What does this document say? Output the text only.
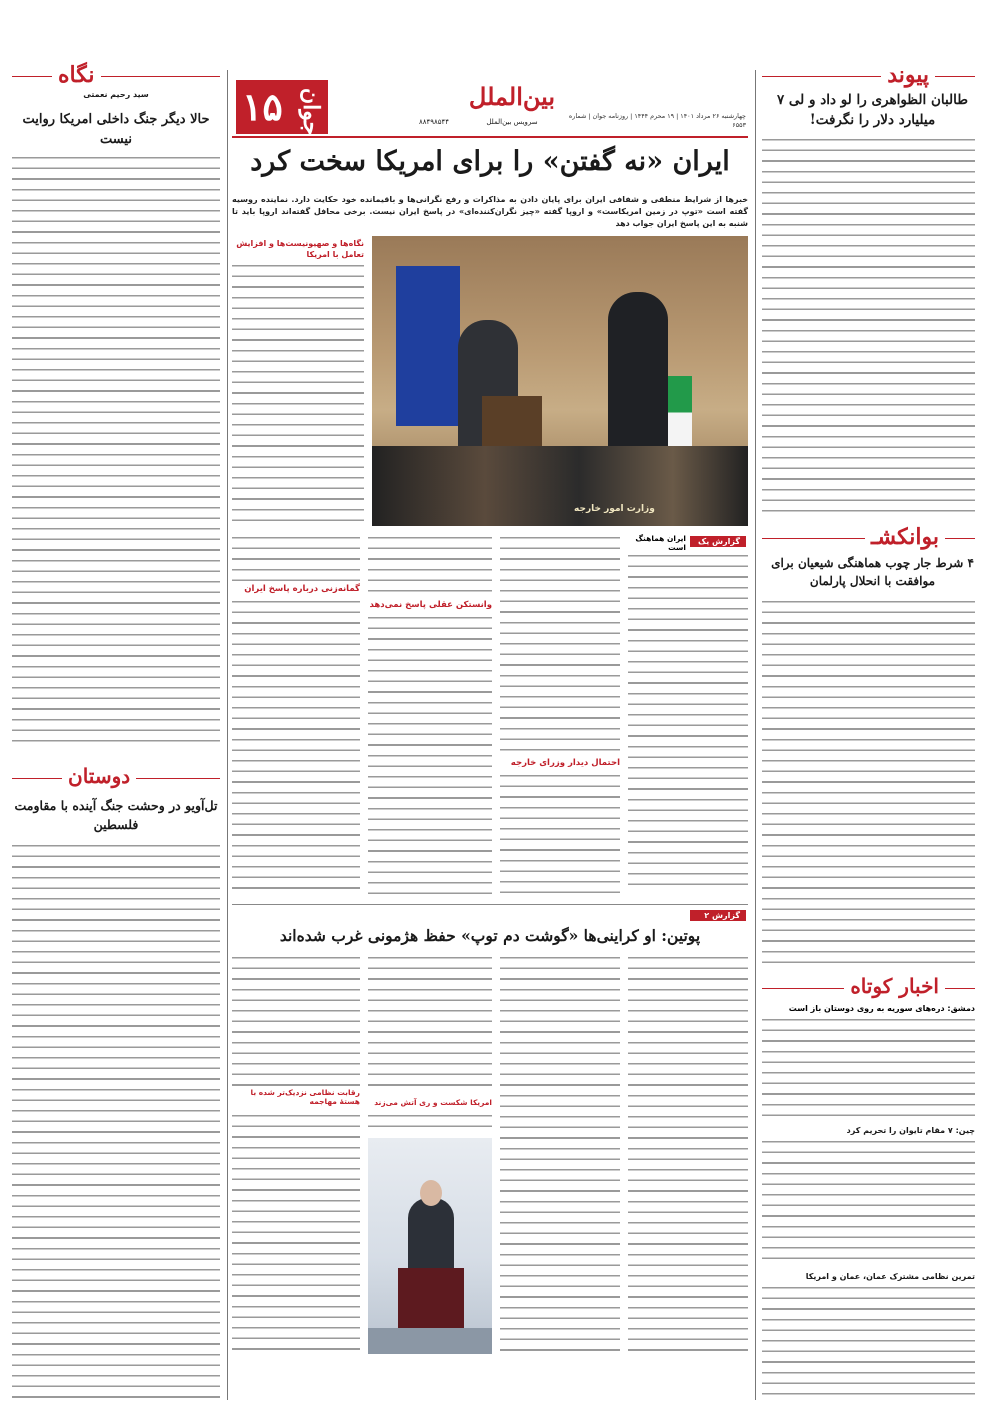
پیوند
طالبان الظواهری را لو داد و لی ۷ میلیارد دلار را نگرفت!
بوانکشـ
۴ شرط جار چوب هماهنگی شیعیان برای موافقت با انحلال پارلمان
اخبار کوتاه
دمشق: دره‌های سوریه به روی دوستان باز است
چین: ۷ مقام تایوان را تحریم کرد
تمرین نظامی مشترک عمان، عمان و امریکا
نگاه
سید رحیم نعمتی
حالا دیگر جنگ داخلی امریکا روایت نیست
دوستان
تل‌آویو در وحشت جنگ آینده با مقاومت فلسطین
۱۵ جوان	بین‌الملل
سرویس بین‌الملل
۸۸۴۹۸۵۴۴
چهارشنبه ۲۶ مرداد ۱۴۰۱ | ۱۹ محرم ۱۴۴۴ | روزنامه جوان | شماره ۶۵۵۳
ایران «نه گفتن» را برای امریکا سخت کرد
خبرها از شرایط منطقی و شفافی ایران برای پایان دادن به مذاکرات و رفع نگرانی‌ها و باقیمانده خود حکایت دارد. نماینده روسیه گفته است «توپ در زمین امریکاست» و اروپا گفته «چیز نگران‌کننده‌ای» در پاسخ ایران نیست. برخی محافل گفته‌اند اروپا باید تا شنبه به این پاسخ ایران جواب دهد
وزارت امور خارجه
نگاه‌ها و صهیونیست‌ها و افزایش تعامل با امریکا
گزارش یک
ایران هماهنگ است
احتمال دیدار وزرای خارجه
وانستکن عقلی پاسخ نمی‌دهد
گمانه‌زنی درباره پاسخ ایران
گزارش ۲
پوتین: او کراینی‌ها «گوشت دم توپ» حفظ هژمونی غرب شده‌اند
امریکا شکست و ری آتش می‌زند
رقابت نظامی نزدیک‌تر شده با هستهٔ مهاجمه
